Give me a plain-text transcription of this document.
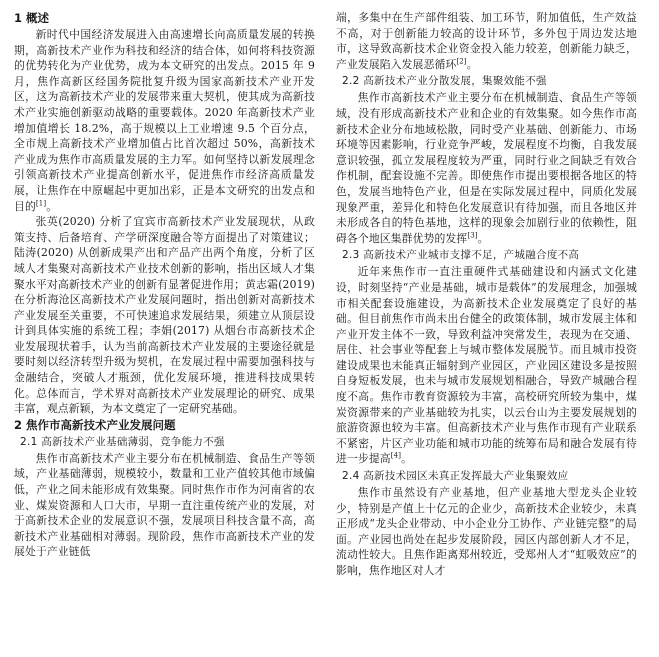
1 概述

新时代中国经济发展进入由高速增长向高质量发展的转换期，高新技术产业作为科技和经济的结合体，如何将科技资源的优势转化为产业优势，成为本文研究的出发点。2015 年 9 月，焦作高新区经国务院批复升级为国家高新技术产业开发区，这为高新技术产业的发展带来重大契机，使其成为高新技术产业实施创新驱动战略的重要载体。2020 年高新技术产业增加值增长 18.2%，高于规模以上工业增速 9.5 个百分点，全市规上高新技术产业增加值占比首次超过 50%，高新技术产业成为焦作市高质量发展的主力军。如何坚持以新发展理念引领高新技术产业提高创新水平，促进焦作市经济高质量发展，让焦作在中原崛起中更加出彩，正是本文研究的出发点和目的[1]。

张英(2020) 分析了宜宾市高新技术产业发展现状，从政策支持、后备培育、产学研深度融合等方面提出了对策建议；陆涛(2020) 从创新成果产出和产品产出两个角度，分析了区域人才集聚对高新技术产业技术创新的影响，指出区域人才集聚水平对高新技术产业的创新有显著促进作用；黄志霜(2019) 在分析海沧区高新技术产业发展问题时，指出创新对高新技术产业发展至关重要，不可快速追求发展结果，须建立从顶层设计到具体实施的系统工程；李娟(2017) 从烟台市高新技术企业发展现状着手，认为当前高新技术产业发展的主要途径就是要时刻以经济转型升级为契机，在发展过程中需要加强科技与金融结合，突破人才瓶颈，优化发展环境，推进科技成果转化。总体而言，学术界对高新技术产业发展理论的研究、成果丰富，观点新颖，为本文奠定了一定研究基础。

2 焦作市高新技术产业发展问题
2.1 高新技术产业基础薄弱，竞争能力不强

焦作市高新技术产业主要分布在机械制造、食品生产等领域，产业基础薄弱，规模较小，数量和工业产值较其他市域偏低，产业之间未能形成有效集聚。同时焦作市作为河南省的农业、煤炭资源和人口大市，早期一直注重传统产业的发展，对于高新技术企业的发展意识不强，发展项目科技含量不高，高新技术产业基础相对薄弱。现阶段，焦作市高新技术产业的发展处于产业链低

端，多集中在生产部件组装、加工环节，附加值低，生产效益不高，对于创新能力较高的设计环节，多外包于周边发达地市，这导致高新技术企业资金投入能力较差，创新能力缺乏，产业发展陷入发展恶循环[2]。

2.2 高新技术产业分散发展，集聚效能不强

焦作市高新技术产业主要分布在机械制造、食品生产等领域，没有形成高新技术产业和企业的有效集聚。如今焦作市高新技术企业分布地域松散，同时受产业基础、创新能力、市场环境等因素影响，行业竞争严峻，发展程度不均衡，自我发展意识较强，孤立发展程度较为严重，同时行业之间缺乏有效合作机制，配套设施不完善。即使焦作市提出要根据各地区的特色，发展当地特色产业，但是在实际发展过程中，同质化发展现象严重，差异化和特色化发展意识有待加强，而且各地区并未形成各自的特色基地，这样的现象会加剧行业的依赖性，阻碍各个地区集群优势的发挥[3]。

2.3 高新技术产业城市支撑不足，产城融合度不高

近年来焦作市一直注重硬件式基础建设和内涵式文化建设，时刻坚持“产业是基础，城市是载体”的发展理念，加强城市相关配套设施建设，为高新技术企业发展奠定了良好的基础。但目前焦作市尚未出台健全的政策体制，城市发展主体和产业开发主体不一致，导致利益冲突常发生，表现为在交通、居住、社会事业等配套上与城市整体发展脱节。而且城市投资建设成果也未能真正辐射到产业园区，产业园区建设多是按照自身短板发展，也未与城市发展规划相融合，导致产城融合程度不高。焦作市教育资源较为丰富，高校研究所较为集中，煤炭资源带来的产业基础较为扎实，以云台山为主要发展规划的旅游资源也较为丰富。但高新技术产业与焦作市现有产业联系不紧密，片区产业功能和城市功能的统筹布局和融合发展有待进一步提高[4]。

2.4 高新技术园区未真正发挥最大产业集聚效应

焦作市虽然设有产业基地，但产业基地大型龙头企业较少，特别是产值上十亿元的企业少，高新技术企业较少，未真正形成“龙头企业带动、中小企业分工协作、产业链完整”的局面。产业园也尚处在起步发展阶段，园区内部创新人才不足，流动性较大。且焦作距离郑州较近，受郑州人才“虹吸效应”的影响，焦作地区对人才
